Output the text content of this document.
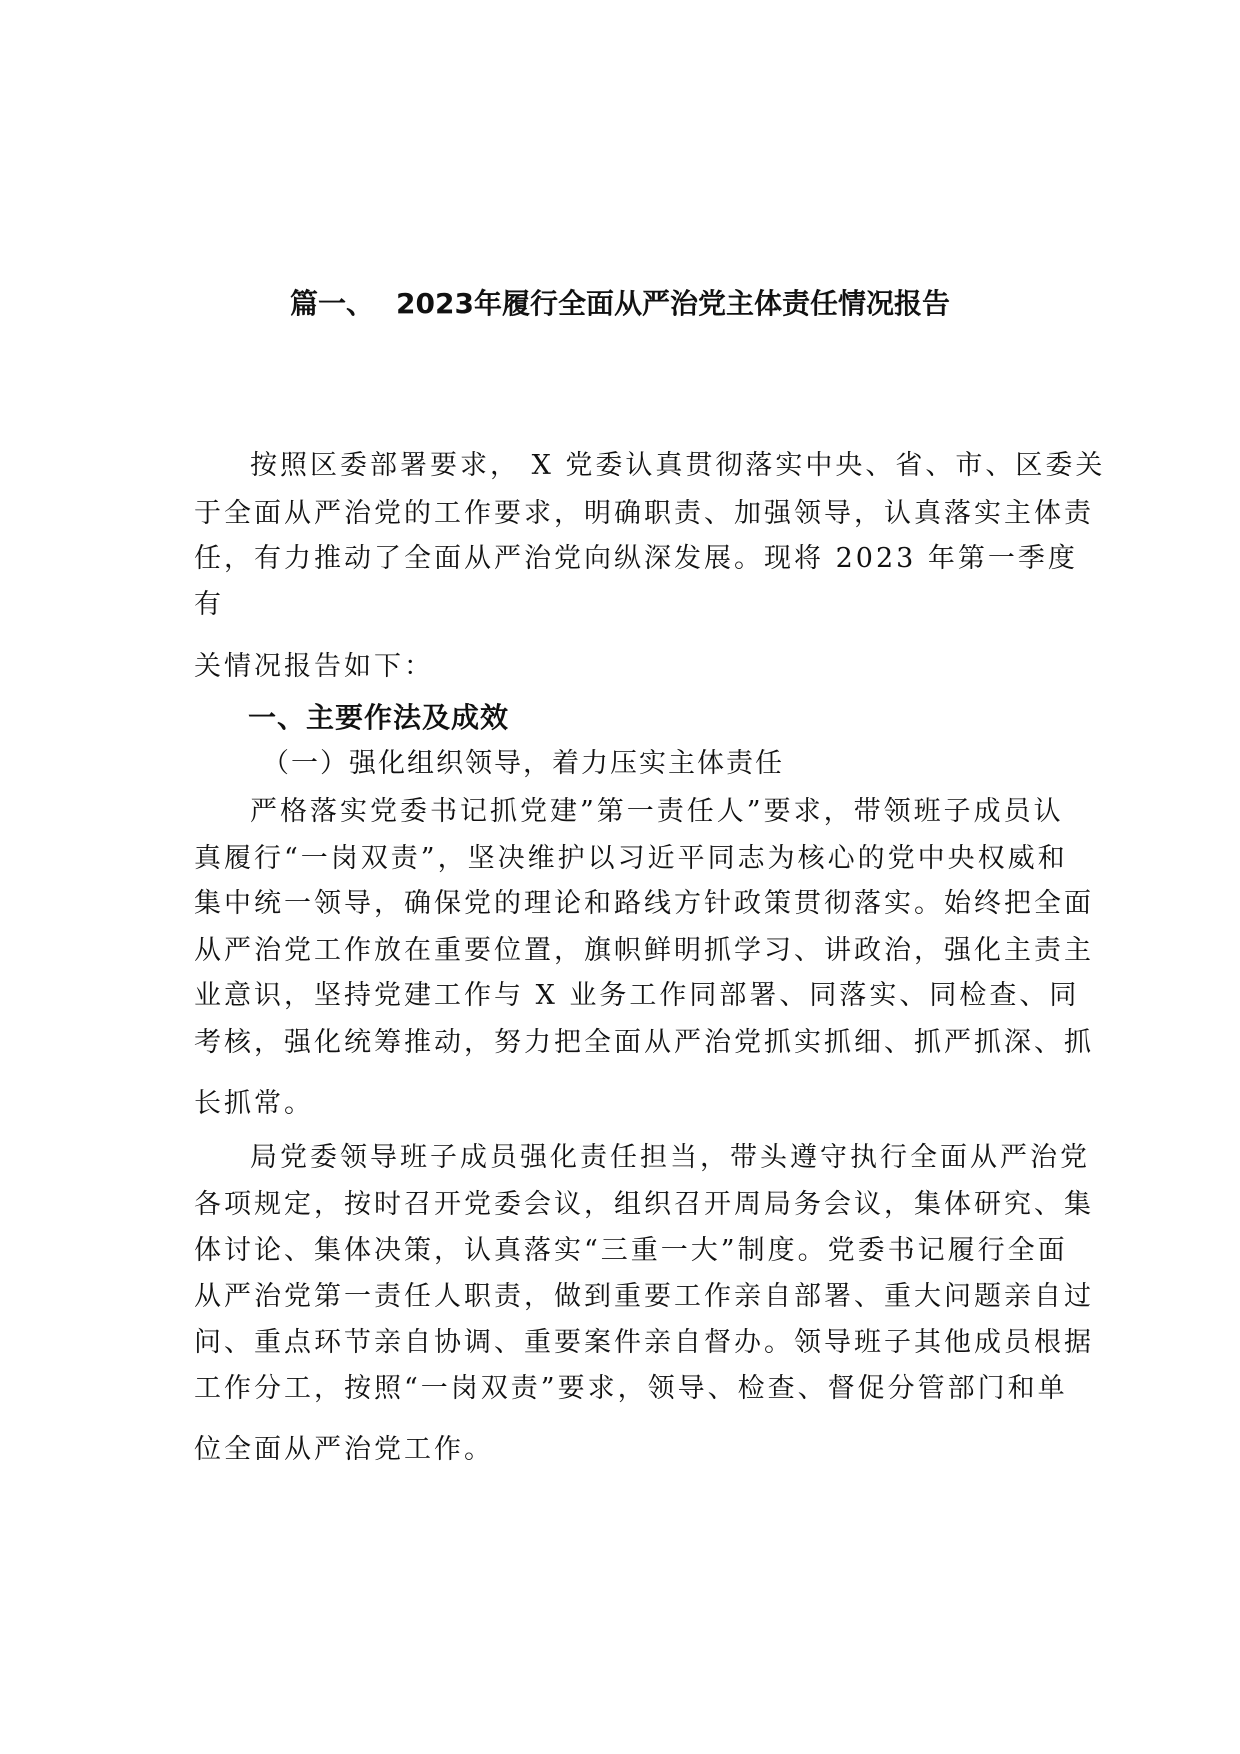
篇一、 2023年履行全面从严治党主体责任情况报告
按照区委部署要求， X 党委认真贯彻落实中央、省、市、区委关
于全面从严治党的工作要求，明确职责、加强领导，认真落实主体责
任，有力推动了全面从严治党向纵深发展。现将 2023 年第一季度
有
关情况报告如下：
一、主要作法及成效
（一）强化组织领导，着力压实主体责任
严格落实党委书记抓党建”第一责任人”要求，带领班子成员认
真履行“一岗双责”，坚决维护以习近平同志为核心的党中央权威和
集中统一领导，确保党的理论和路线方针政策贯彻落实。始终把全面
从严治党工作放在重要位置，旗帜鲜明抓学习、讲政治，强化主责主
业意识，坚持党建工作与 X 业务工作同部署、同落实、同检查、同
考核，强化统筹推动，努力把全面从严治党抓实抓细、抓严抓深、抓
长抓常。
局党委领导班子成员强化责任担当，带头遵守执行全面从严治党
各项规定，按时召开党委会议，组织召开周局务会议，集体研究、集
体讨论、集体决策，认真落实“三重一大”制度。党委书记履行全面
从严治党第一责任人职责，做到重要工作亲自部署、重大问题亲自过
问、重点环节亲自协调、重要案件亲自督办。领导班子其他成员根据
工作分工，按照“一岗双责”要求，领导、检查、督促分管部门和单
位全面从严治党工作。
